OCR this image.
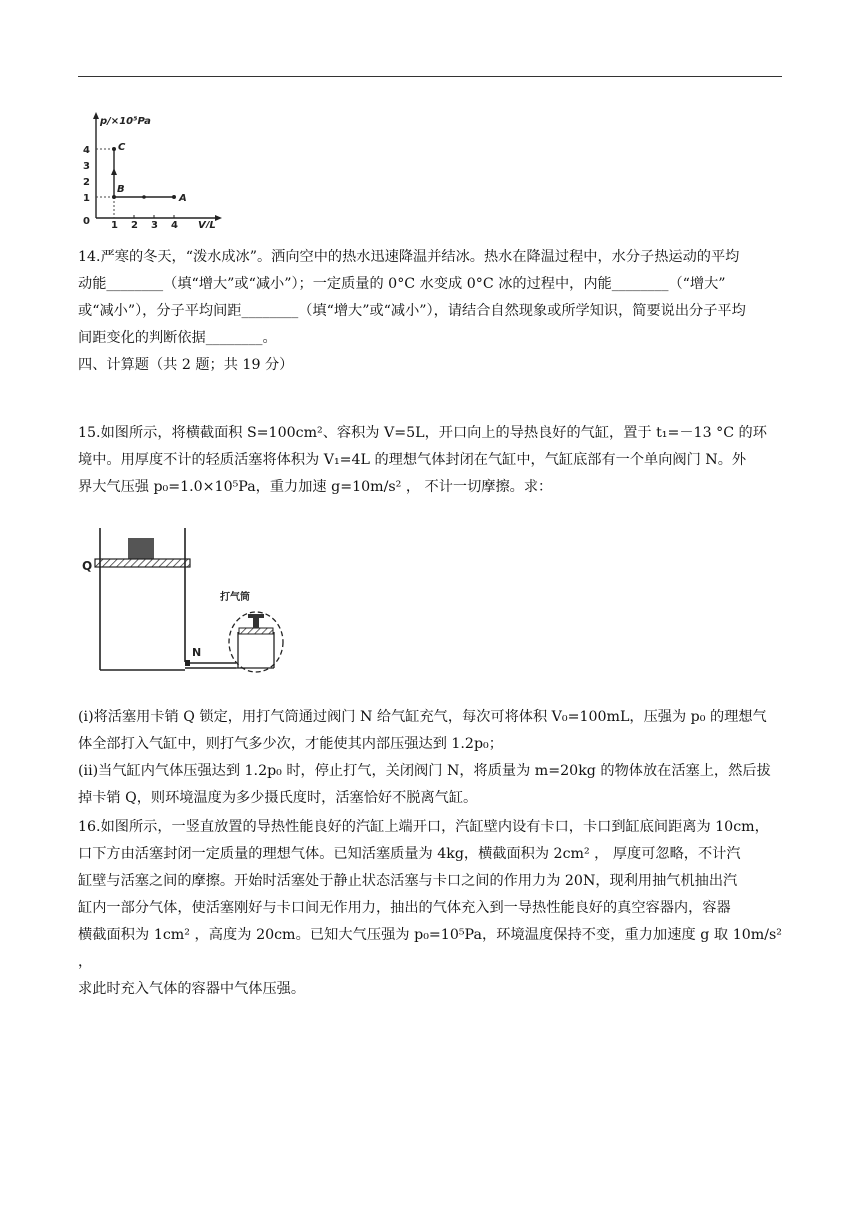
p/×10⁵Pa
V/L
4
3
2
1
0 1 2 3 4
C
B
A
14.严寒的冬天，“泼水成冰”。洒向空中的热水迅速降温并结冰。热水在降温过程中，水分子热运动的平均
动能________（填“增大”或“减小”）；一定质量的 0°C 水变成 0°C 冰的过程中，内能________（“增大”
或“减小”），分子平均间距________（填“增大”或“减小”），请结合自然现象或所学知识，简要说出分子平均
间距变化的判断依据________。
四、计算题（共 2 题；共 19 分）
15.如图所示，将横截面积 S=100cm²、容积为 V=5L，开口向上的导热良好的气缸，置于 t₁=－13 °C 的环
境中。用厚度不计的轻质活塞将体积为 V₁=4L 的理想气体封闭在气缸中，气缸底部有一个单向阀门 N。外
界大气压强 p₀=1.0×10⁵Pa，重力加速 g=10m/s² ， 不计一切摩擦。求：
Q
N
打气筒
(i)将活塞用卡销 Q 锁定，用打气筒通过阀门 N 给气缸充气，每次可将体积 V₀=100mL，压强为 p₀ 的理想气
体全部打入气缸中，则打气多少次，才能使其内部压强达到 1.2p₀；
(ii)当气缸内气体压强达到 1.2p₀ 时，停止打气，关闭阀门 N，将质量为 m=20kg 的物体放在活塞上，然后拔
掉卡销 Q，则环境温度为多少摄氏度时，活塞恰好不脱离气缸。
16.如图所示，一竖直放置的导热性能良好的汽缸上端开口，汽缸壁内设有卡口，卡口到缸底间距离为 10cm，
口下方由活塞封闭一定质量的理想气体。已知活塞质量为 4kg，横截面积为 2cm² ， 厚度可忽略，不计汽
缸壁与活塞之间的摩擦。开始时活塞处于静止状态活塞与卡口之间的作用力为 20N，现利用抽气机抽出汽
缸内一部分气体，使活塞刚好与卡口间无作用力，抽出的气体充入到一导热性能良好的真空容器内，容器
横截面积为 1cm² ，高度为 20cm。已知大气压强为 p₀=10⁵Pa，环境温度保持不变，重力加速度 g 取 10m/s² ，
求此时充入气体的容器中气体压强。
